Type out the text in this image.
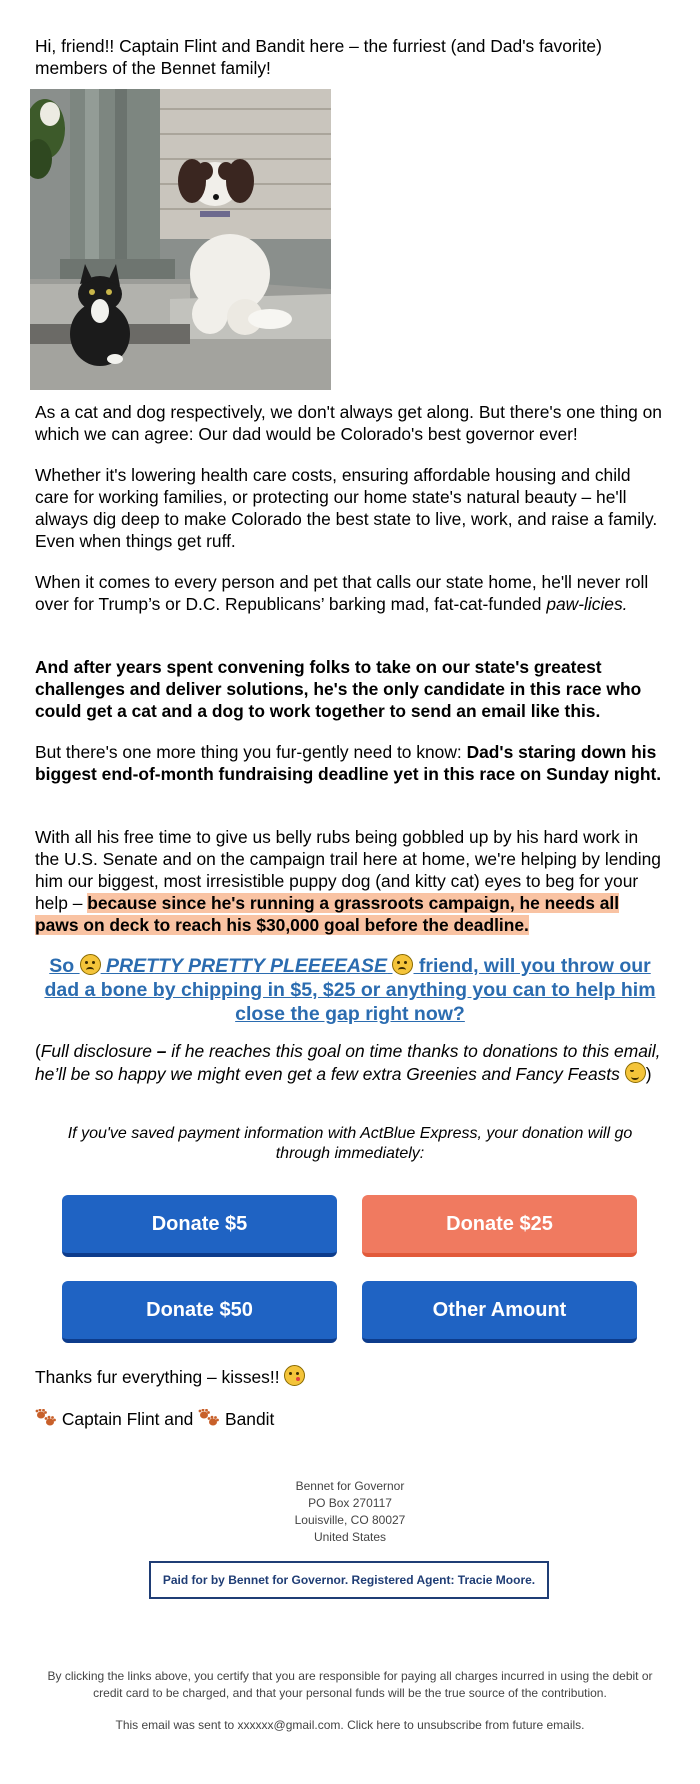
Hi, friend!! Captain Flint and Bandit here – the furriest (and Dad's favorite) members of the Bennet family!

As a cat and dog respectively, we don't always get along. But there's one thing on which we can agree: Our dad would be Colorado's best governor ever!

Whether it's lowering health care costs, ensuring affordable housing and child care for working families, or protecting our home state's natural beauty – he'll always dig deep to make Colorado the best state to live, work, and raise a family. Even when things get ruff.

When it comes to every person and pet that calls our state home, he'll never roll over for Trump’s or D.C. Republicans’ barking mad, fat-cat-funded paw-licies.

And after years spent convening folks to take on our state's greatest challenges and deliver solutions, he's the only candidate in this race who could get a cat and a dog to work together to send an email like this.

But there's one more thing you fur-gently need to know: Dad's staring down his biggest end-of-month fundraising deadline yet in this race on Sunday night.

With all his free time to give us belly rubs being gobbled up by his hard work in the U.S. Senate and on the campaign trail here at home, we're helping by lending him our biggest, most irresistible puppy dog (and kitty cat) eyes to beg for your help – because since he's running a grassroots campaign, he needs all paws on deck to reach his $30,000 goal before the deadline.

So  PRETTY PRETTY PLEEEEASE  friend, will you throw our dad a bone by chipping in $5, $25 or anything you can to help him close the gap right now?

(Full disclosure – if he reaches this goal on time thanks to donations to this email, he’ll be so happy we might even get a few extra Greenies and Fancy Feasts )

If you've saved payment information with ActBlue Express, your donation will go through immediately:

Donate $5	Donate $25
Donate $50	Other Amount

Thanks fur everything – kisses!!

Captain Flint and Bandit

Bennet for Governor
PO Box 270117
Louisville, CO 80027
United States
Paid for by Bennet for Governor. Registered Agent: Tracie Moore.

By clicking the links above, you certify that you are responsible for paying all charges incurred in using the debit or credit card to be charged, and that your personal funds will be the true source of the contribution.

This email was sent to xxxxxx@gmail.com. Click here to unsubscribe from future emails.
